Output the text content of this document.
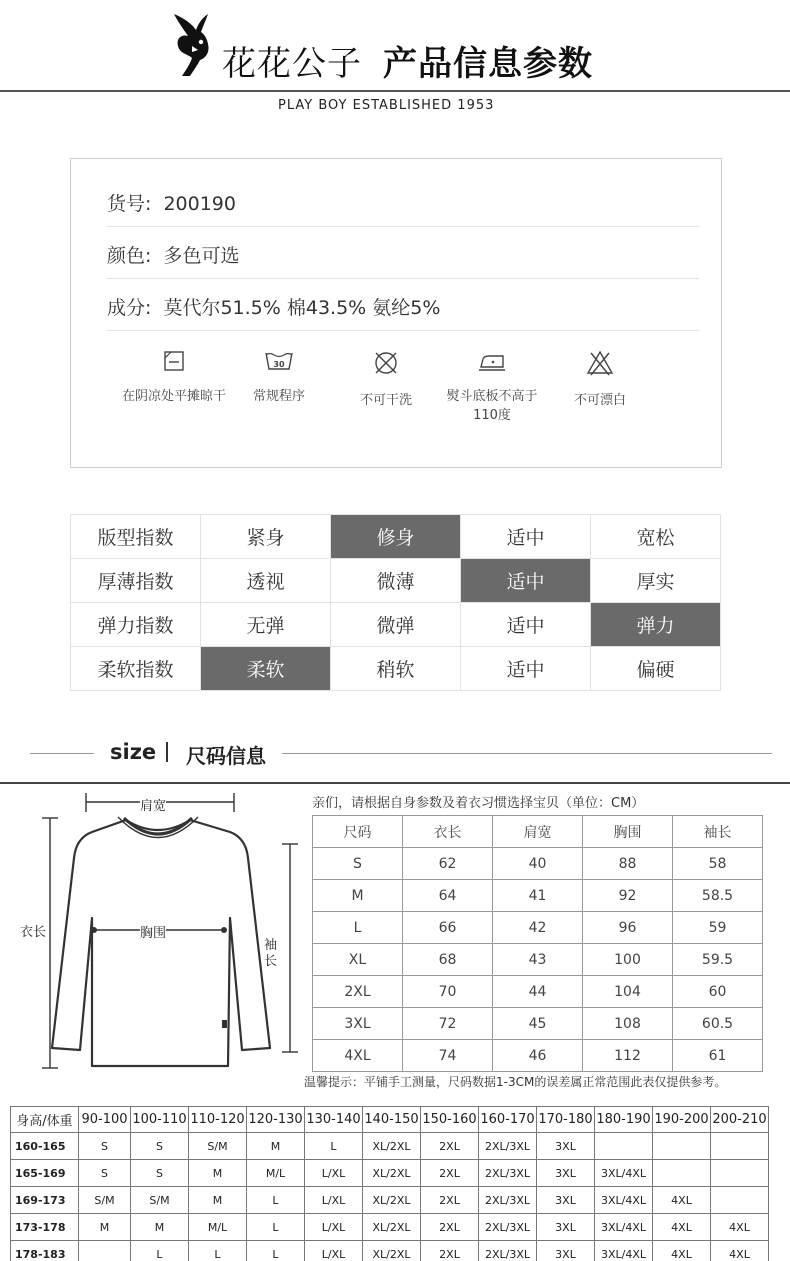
花花公子 产品信息参数
PLAY BOY ESTABLISHED 1953
货号: 200190
颜色: 多色可选
成分: 莫代尔51.5% 棉43.5% 氨纶5%
在阴凉处平摊晾干
30
常规程序	不可干洗	熨斗底板不高于110度
不可漂白
版型指数	紧身	修身	适中	宽松
厚薄指数	透视	微薄	适中	厚实
弹力指数	无弹	微弹	适中	弹力
柔软指数	柔软	稍软	适中	偏硬
size 尺码信息
肩宽
衣长	胸围
袖长
亲们，请根据自身参数及着衣习惯选择宝贝（单位：CM）
尺码	衣长	肩宽	胸围	袖长
S	62	40	88	58
M	64	41	92	58.5
L	66	42	96	59
XL	68	43	100	59.5
2XL	70	44	104	60
3XL	72	45	108	60.5
4XL	74	46	112	61
温馨提示：平铺手工测量，尺码数据1-3CM的误差属正常范围此表仅提供参考。
身高/体重	90-100	100-110	110-120	120-130	130-140	140-150	150-160	160-170	170-180	180-190	190-200	200-210
160-165	S	S	S/M	M	L	XL/2XL	2XL	2XL/3XL	3XL			
165-169	S	S	M	M/L	L/XL	XL/2XL	2XL	2XL/3XL	3XL	3XL/4XL		
169-173	S/M	S/M	M	L	L/XL	XL/2XL	2XL	2XL/3XL	3XL	3XL/4XL	4XL	
173-178	M	M	M/L	L	L/XL	XL/2XL	2XL	2XL/3XL	3XL	3XL/4XL	4XL	4XL
178-183		L	L	L	L/XL	XL/2XL	2XL	2XL/3XL	3XL	3XL/4XL	4XL	4XL
